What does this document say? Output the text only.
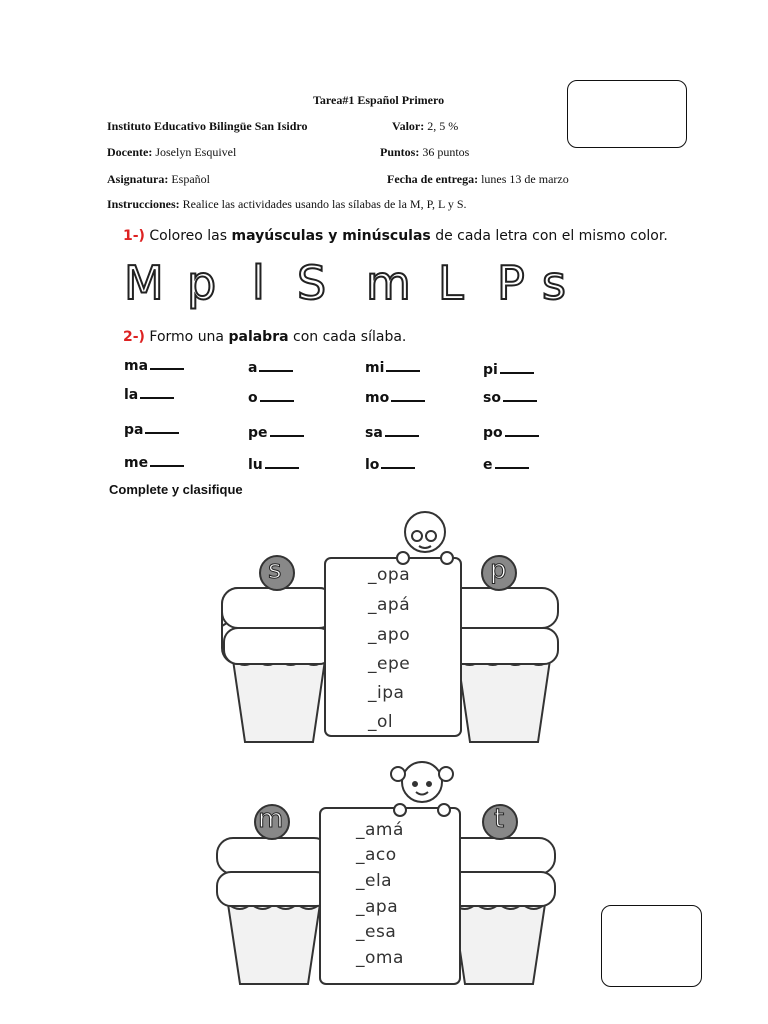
Tarea#1 Español Primero
Instituto Educativo Bilingüe San Isidro	Valor: 2, 5 %
Docente: Joselyn Esquivel	Puntos: 36 puntos
Asignatura: Español	Fecha de entrega: lunes 13 de marzo
Instrucciones: Realice las actividades usando las sílabas de la M, P, L y S.
1-) Coloreo las mayúsculas y minúsculas de cada letra con el mismo color.
M p l S m L P s
2-) Formo una palabra con cada sílaba.
ma	a	mi	pi
la	o	mo	so
pa	pe	sa	po
me	lu	lo	e
Complete y clasifique
s	p
_opa
_apá
_apo
_epe
_ipa
_ol
m	t
_amá
_aco
_ela
_apa
_esa
_oma
